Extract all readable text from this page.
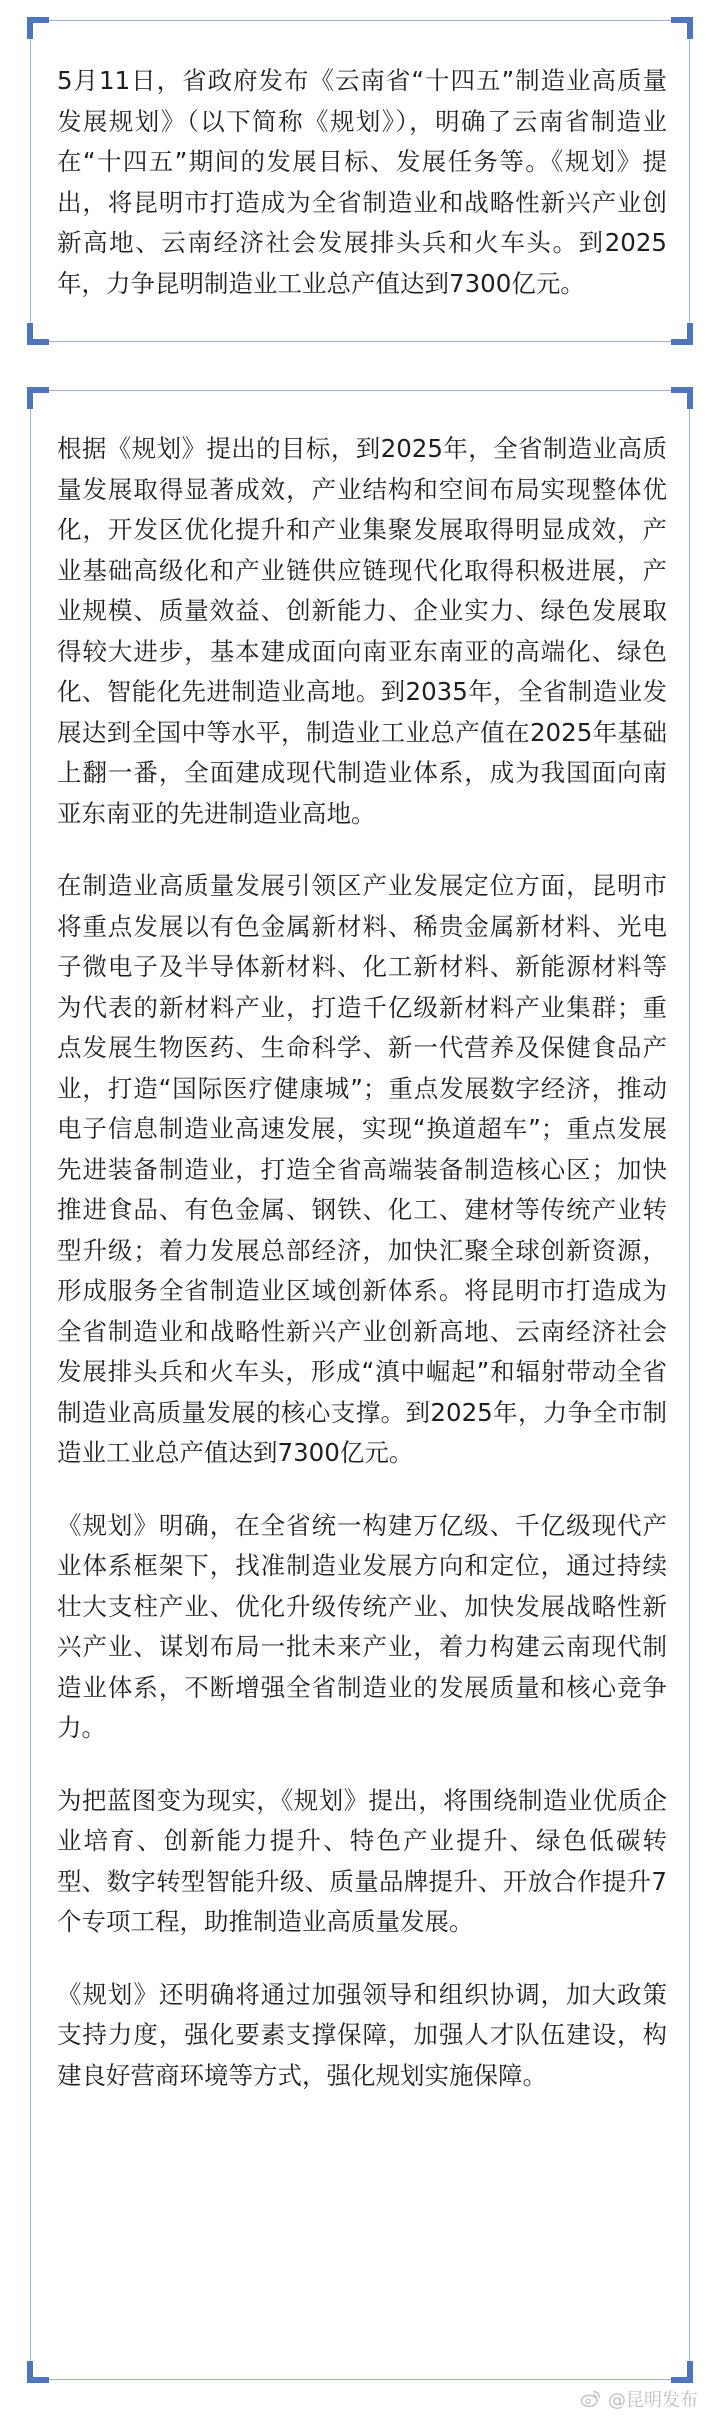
5月11日，省政府发布《云南省“十四五”制造业高质量发展规划》（以下简称《规划》），明确了云南省制造业在“十四五”期间的发展目标、发展任务等。《规划》提出，将昆明市打造成为全省制造业和战略性新兴产业创新高地、云南经济社会发展排头兵和火车头。到2025年，力争昆明制造业工业总产值达到7300亿元。

根据《规划》提出的目标，到2025年，全省制造业高质量发展取得显著成效，产业结构和空间布局实现整体优化，开发区优化提升和产业集聚发展取得明显成效，产业基础高级化和产业链供应链现代化取得积极进展，产业规模、质量效益、创新能力、企业实力、绿色发展取得较大进步，基本建成面向南亚东南亚的高端化、绿色化、智能化先进制造业高地。到2035年，全省制造业发展达到全国中等水平，制造业工业总产值在2025年基础上翻一番，全面建成现代制造业体系，成为我国面向南亚东南亚的先进制造业高地。

在制造业高质量发展引领区产业发展定位方面，昆明市将重点发展以有色金属新材料、稀贵金属新材料、光电子微电子及半导体新材料、化工新材料、新能源材料等为代表的新材料产业，打造千亿级新材料产业集群；重点发展生物医药、生命科学、新一代营养及保健食品产业，打造“国际医疗健康城”；重点发展数字经济，推动电子信息制造业高速发展，实现“换道超车”；重点发展先进装备制造业，打造全省高端装备制造核心区；加快推进食品、有色金属、钢铁、化工、建材等传统产业转型升级；着力发展总部经济，加快汇聚全球创新资源，形成服务全省制造业区域创新体系。将昆明市打造成为全省制造业和战略性新兴产业创新高地、云南经济社会发展排头兵和火车头，形成“滇中崛起”和辐射带动全省制造业高质量发展的核心支撑。到2025年，力争全市制造业工业总产值达到7300亿元。

《规划》明确，在全省统一构建万亿级、千亿级现代产业体系框架下，找准制造业发展方向和定位，通过持续壮大支柱产业、优化升级传统产业、加快发展战略性新兴产业、谋划布局一批未来产业，着力构建云南现代制造业体系，不断增强全省制造业的发展质量和核心竞争力。

为把蓝图变为现实，《规划》提出，将围绕制造业优质企业培育、创新能力提升、特色产业提升、绿色低碳转型、数字转型智能升级、质量品牌提升、开放合作提升7个专项工程，助推制造业高质量发展。

《规划》还明确将通过加强领导和组织协调，加大政策支持力度，强化要素支撑保障，加强人才队伍建设，构建良好营商环境等方式，强化规划实施保障。

@昆明发布
